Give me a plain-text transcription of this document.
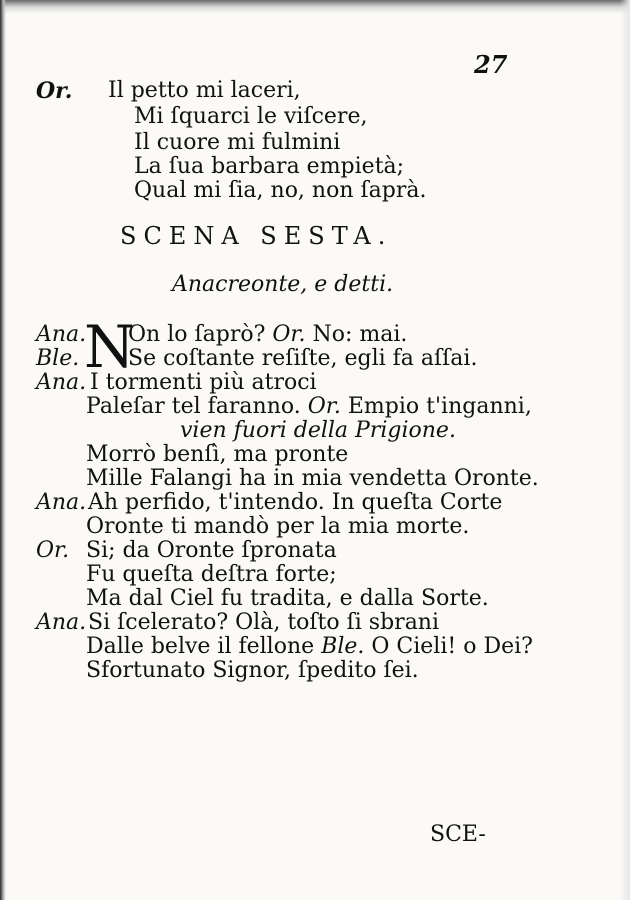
27
Or. Il petto mi laceri,
Mi ſquarci le viſcere,
Il cuore mi fulmini
La ſua barbara empietà;
Qual mi ſia, no, non ſaprà.
SCENA SESTA.
Anacreonte, e detti.
Ana.
N
On lo ſaprò? Or. No: mai.
Ble. Se coſtante reſiſte, egli fa aſſai.
Ana. I tormenti più atroci
Paleſar tel faranno. Or. Empio t'inganni,
vien fuori della Prigione.
Morrò benſì, ma pronte
Mille Falangi ha in mia vendetta Oronte.
Ana. Ah perfido, t'intendo. In queſta Corte
Oronte ti mandò per la mia morte.
Or. Si; da Oronte ſpronata
Fu queſta deſtra forte;
Ma dal Ciel fu tradita, e dalla Sorte.
Ana. Si ſcelerato? Olà, toſto ſi sbrani
Dalle belve il fellone Ble. O Cieli! o Dei?
Sfortunato Signor, ſpedito ſei.
SCE-
